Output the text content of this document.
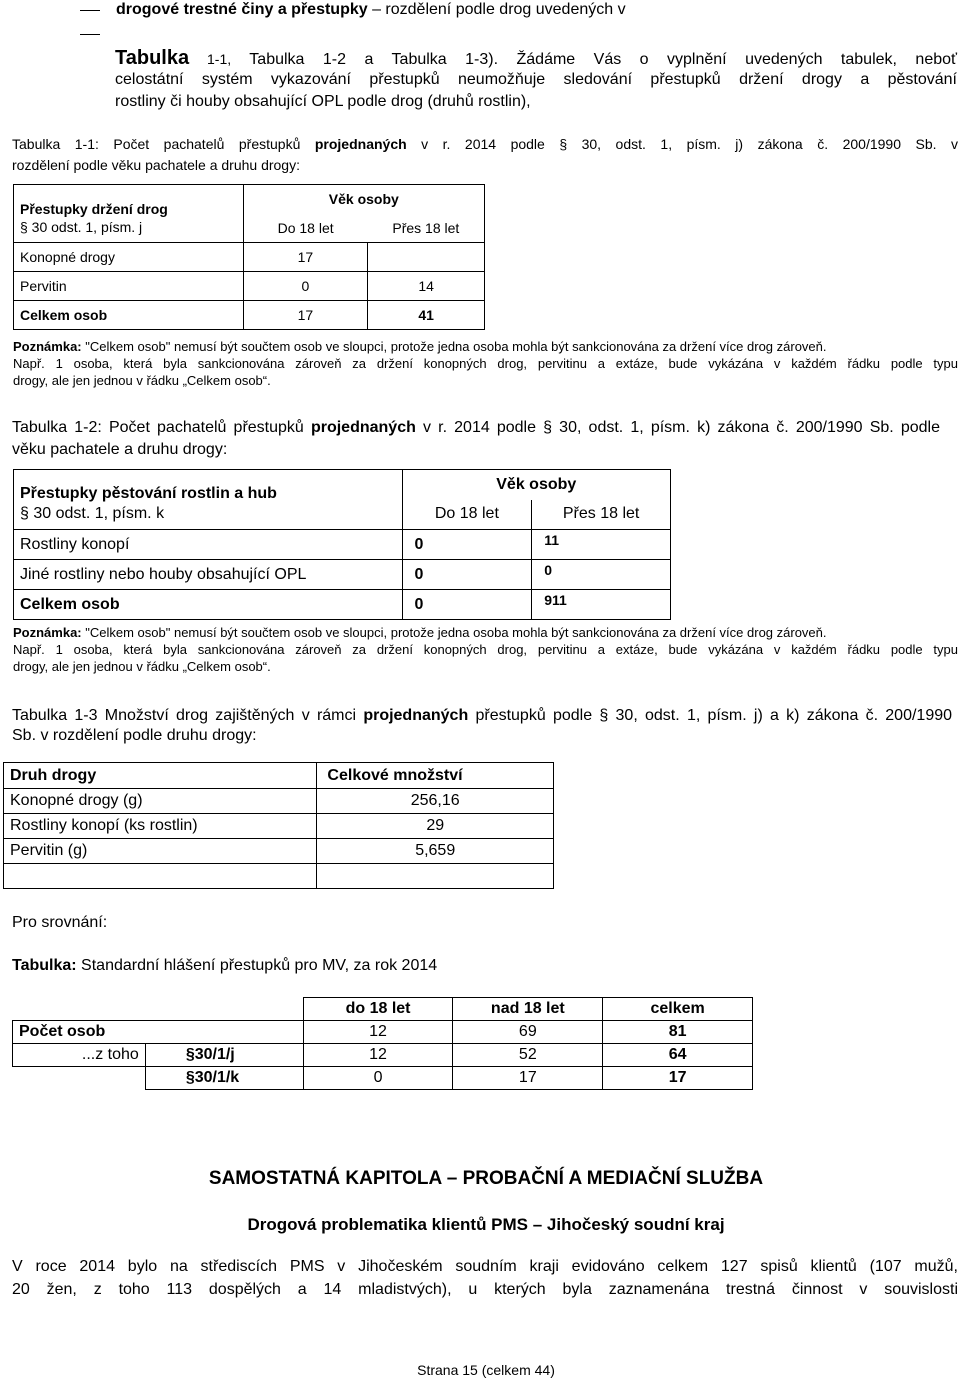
drogové trestné činy a přestupky – rozdělení podle drog uvedených v
Tabulka 1-1, Tabulka 1-2 a Tabulka 1-3). Žádáme Vás o vyplnění uvedených tabulek, neboť
celostátní systém vykazování přestupků neumožňuje sledování přestupků držení drogy a pěstování
rostliny či houby obsahující OPL podle drog (druhů rostlin),
Tabulka 1-1: Počet pachatelů přestupků projednaných v r. 2014 podle § 30, odst. 1, písm. j) zákona č. 200/1990 Sb. v
rozdělení podle věku pachatele a druhu drogy:
Přestupky držení drog
§ 30 odst. 1, písm. j	Věk osoby	
	Do 18 let	Přes 18 let
Konopné drogy	17	
Pervitin	0	14
Celkem osob	17	41
Poznámka: "Celkem osob" nemusí být součtem osob ve sloupci, protože jedna osoba mohla být sankcionována za držení více drog zároveň.
Např. 1 osoba, která byla sankcionována zároveň za držení konopných drog, pervitinu a extáze, bude vykázána v každém řádku podle typu
drogy, ale jen jednou v řádku „Celkem osob“.
Tabulka 1-2: Počet pachatelů přestupků projednaných v r. 2014 podle § 30, odst. 1, písm. k) zákona č. 200/1990 Sb. podle
věku pachatele a druhu drogy:
Přestupky pěstování rostlin a hub
§ 30 odst. 1, písm. k	Věk osoby	
	Do 18 let	Přes 18 let
Rostliny konopí	0	11
Jiné rostliny nebo houby obsahující OPL	0	0
Celkem osob	0	911
Poznámka: "Celkem osob" nemusí být součtem osob ve sloupci, protože jedna osoba mohla být sankcionována za držení více drog zároveň.
Např. 1 osoba, která byla sankcionována zároveň za držení konopných drog, pervitinu a extáze, bude vykázána v každém řádku podle typu
drogy, ale jen jednou v řádku „Celkem osob“.
Tabulka 1-3 Množství drog zajištěných v rámci projednaných přestupků podle § 30, odst. 1, písm. j) a k) zákona č. 200/1990
Sb. v rozdělení podle druhu drogy:
Druh drogy	Celkové množství
Konopné drogy (g)	256,16
Rostliny konopí (ks rostlin)	29
Pervitin (g)	5,659

Pro srovnání:
Tabulka: Standardní hlášení přestupků pro MV, za rok 2014
		do 18 let	nad 18 let	celkem
Počet osob		12	69	81
...z toho	§30/1/j	12	52	64
	§30/1/k	0	17	17
SAMOSTATNÁ KAPITOLA – PROBAČNÍ A MEDIAČNÍ SLUŽBA
Drogová problematika klientů PMS – Jihočeský soudní kraj
V roce 2014 bylo na střediscích PMS v Jihočeském soudním kraji evidováno celkem 127 spisů klientů (107 mužů,
20 žen, z toho 113 dospělých a 14 mladistvých), u kterých byla zaznamenána trestná činnost v souvislosti
Strana 15 (celkem 44)
